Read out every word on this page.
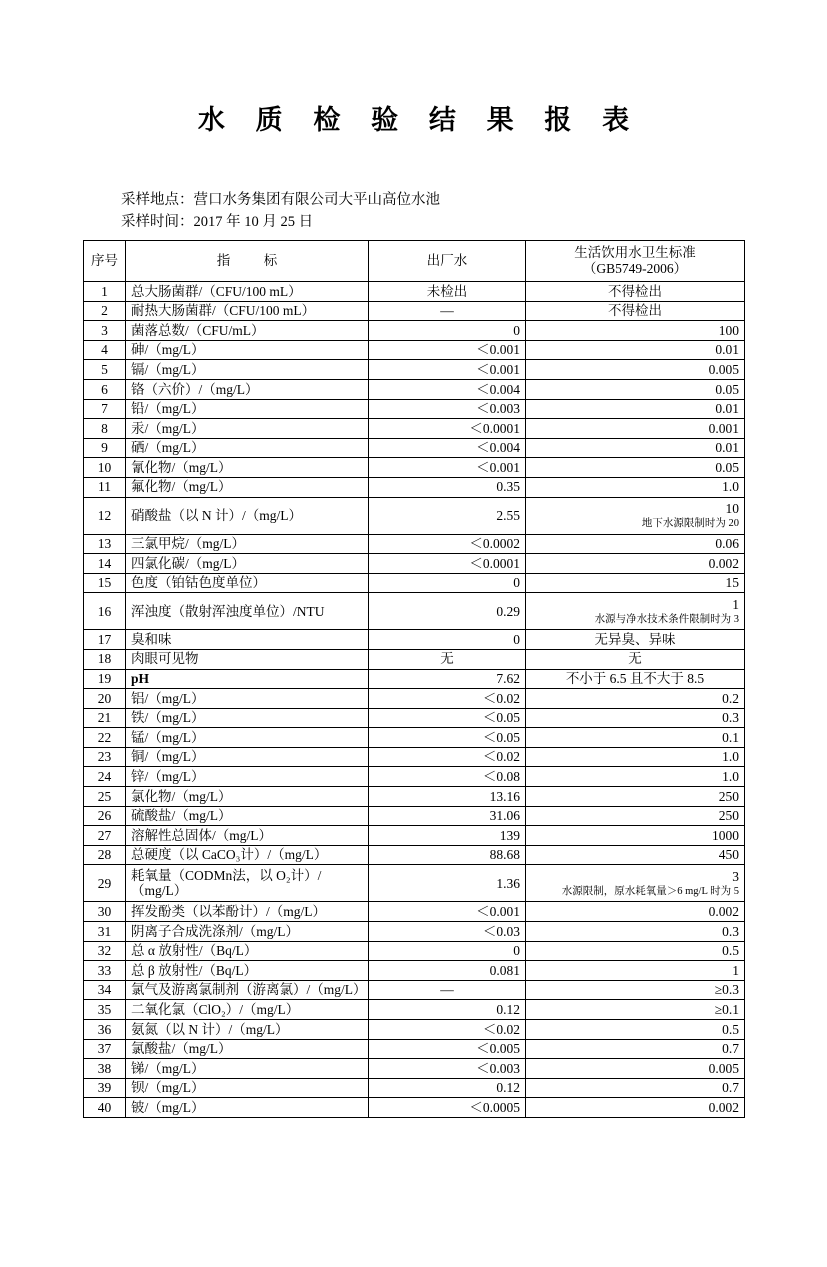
水 质 检 验 结 果 报 表
采样地点：营口水务集团有限公司大平山高位水池
采样时间：2017 年 10 月 25 日
序号	指　标	出厂水	生活饮用水卫生标准
（GB5749-2006）

1	总大肠菌群/（CFU/100 mL）	未检出	不得检出
2	耐热大肠菌群/（CFU/100 mL）	—	不得检出
3	菌落总数/（CFU/mL）	0	100
4	砷/（mg/L）	＜0.001	0.01
5	镉/（mg/L）	＜0.001	0.005
6	铬（六价）/（mg/L）	＜0.004	0.05
7	铅/（mg/L）	＜0.003	0.01
8	汞/（mg/L）	＜0.0001	0.001
9	硒/（mg/L）	＜0.004	0.01
10	氰化物/（mg/L）	＜0.001	0.05
11	氟化物/（mg/L）	0.35	1.0
12	硝酸盐（以 N 计）/（mg/L）	2.55	10
地下水源限制时为 20

13	三氯甲烷/（mg/L）	＜0.0002	0.06
14	四氯化碳/（mg/L）	＜0.0001	0.002
15	色度（铂钴色度单位）	0	15
16	浑浊度（散射浑浊度单位）/NTU	0.29	1
水源与净水技术条件限制时为 3

17	臭和味	0	无异臭、异味
18	肉眼可见物	无	无
19	pH	7.62	不小于 6.5 且不大于 8.5
20	铝/（mg/L）	＜0.02	0.2
21	铁/（mg/L）	＜0.05	0.3
22	锰/（mg/L）	＜0.05	0.1
23	铜/（mg/L）	＜0.02	1.0
24	锌/（mg/L）	＜0.08	1.0
25	氯化物/（mg/L）	13.16	250
26	硫酸盐/（mg/L）	31.06	250
27	溶解性总固体/（mg/L）	139	1000
28	总硬度（以 CaCO₃计）/（mg/L）	88.68	450
29	耗氧量（CODMn法，以 O₂计）/（mg/L）	1.36	3
水源限制，原水耗氧量＞6 mg/L 时为 5

30	挥发酚类（以苯酚计）/（mg/L）	＜0.001	0.002
31	阴离子合成洗涤剂/（mg/L）	＜0.03	0.3
32	总 α 放射性/（Bq/L）	0	0.5
33	总 β 放射性/（Bq/L）	0.081	1
34	氯气及游离氯制剂（游离氯）/（mg/L）	—	≥0.3
35	二氧化氯（ClO₂）/（mg/L）	0.12	≥0.1
36	氨氮（以 N 计）/（mg/L）	＜0.02	0.5
37	氯酸盐/（mg/L）	＜0.005	0.7
38	锑/（mg/L）	＜0.003	0.005
39	钡/（mg/L）	0.12	0.7
40	铍/（mg/L）	＜0.0005	0.002
